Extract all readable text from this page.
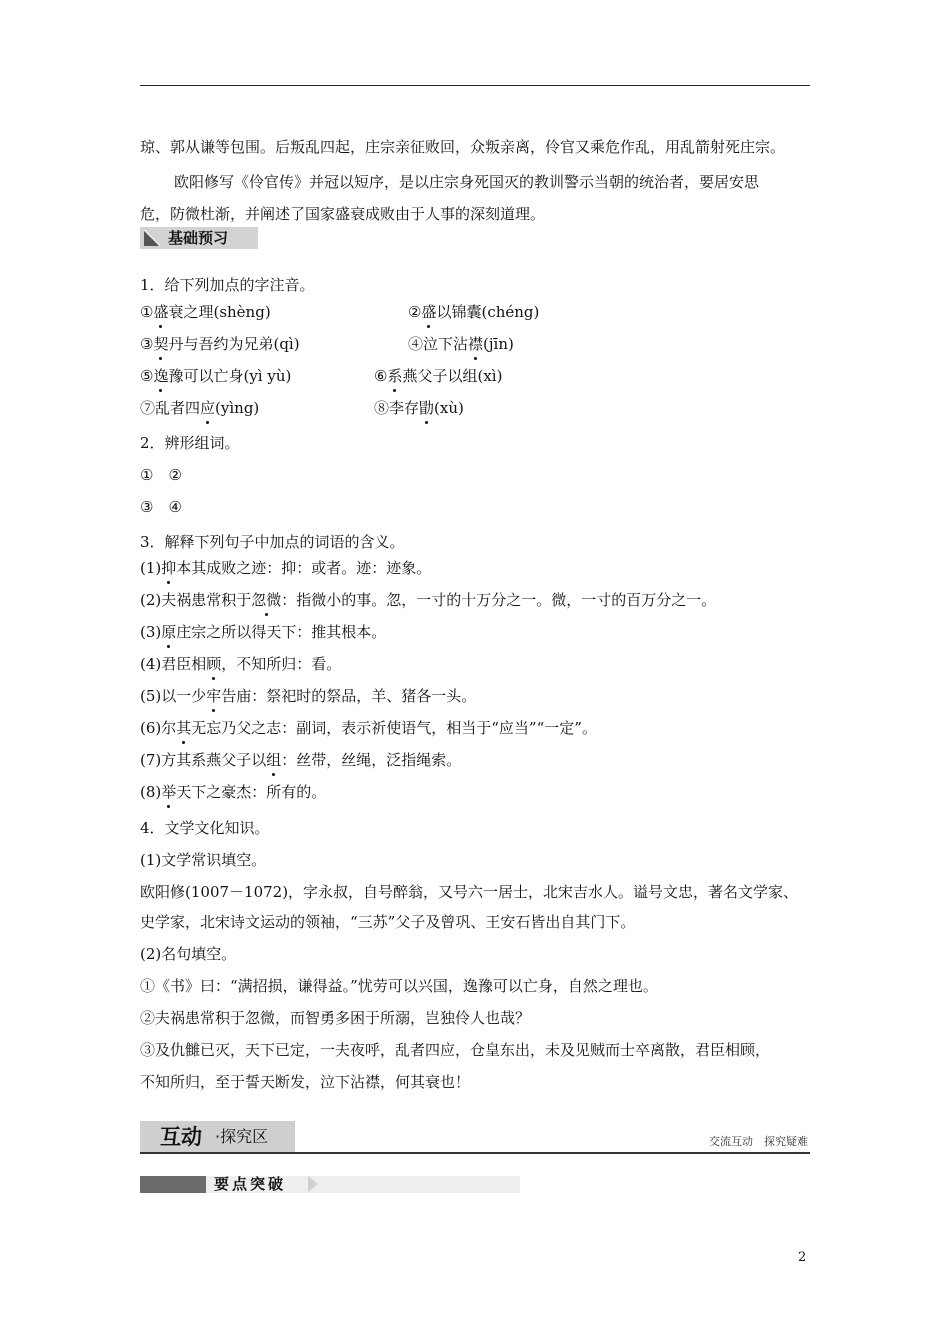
琼、郭从谦等包围。后叛乱四起，庄宗亲征败回，众叛亲离，伶官又乘危作乱，用乱箭射死庄宗。
欧阳修写《伶官传》并冠以短序，是以庄宗身死国灭的教训警示当朝的统治者，要居安思
危，防微杜渐，并阐述了国家盛衰成败由于人事的深刻道理。
基础预习
1．给下列加点的字注音。
①盛衰之理(shèng)	②盛以锦囊(chéng)
③契丹与吾约为兄弟(qì)	④泣下沾襟(jīn)
⑤逸豫可以亡身(yì yù)	⑥系燕父子以组(xì)
⑦乱者四应(yìng)	⑧李存勖(xù)
2．辨形组词。
①　②
③　④
3．解释下列句子中加点的词语的含义。
(1)抑本其成败之迹：抑：或者。迹：迹象。
(2)夫祸患常积于忽微：指微小的事。忽，一寸的十万分之一。微，一寸的百万分之一。
(3)原庄宗之所以得天下：推其根本。
(4)君臣相顾，不知所归：看。
(5)以一少牢告庙：祭祀时的祭品，羊、猪各一头。
(6)尔其无忘乃父之志：副词，表示祈使语气，相当于“应当”“一定”。
(7)方其系燕父子以组：丝带，丝绳，泛指绳索。
(8)举天下之豪杰：所有的。
4．文学文化知识。
(1)文学常识填空。
欧阳修(1007－1072)，字永叔，自号醉翁，又号六一居士，北宋吉水人。谥号文忠，著名文学家、
史学家，北宋诗文运动的领袖，“三苏”父子及曾巩、王安石皆出自其门下。
(2)名句填空。
①《书》曰：“满招损，谦得益。”忧劳可以兴国，逸豫可以亡身，自然之理也。
②夫祸患常积于忽微，而智勇多困于所溺，岂独伶人也哉？
③及仇雠已灭，天下已定，一夫夜呼，乱者四应，仓皇东出，未及见贼而士卒离散，君臣相顾，
不知所归，至于誓天断发，泣下沾襟，何其衰也！
互动 ·探究区	交流互动　探究疑难
要点突破
2
